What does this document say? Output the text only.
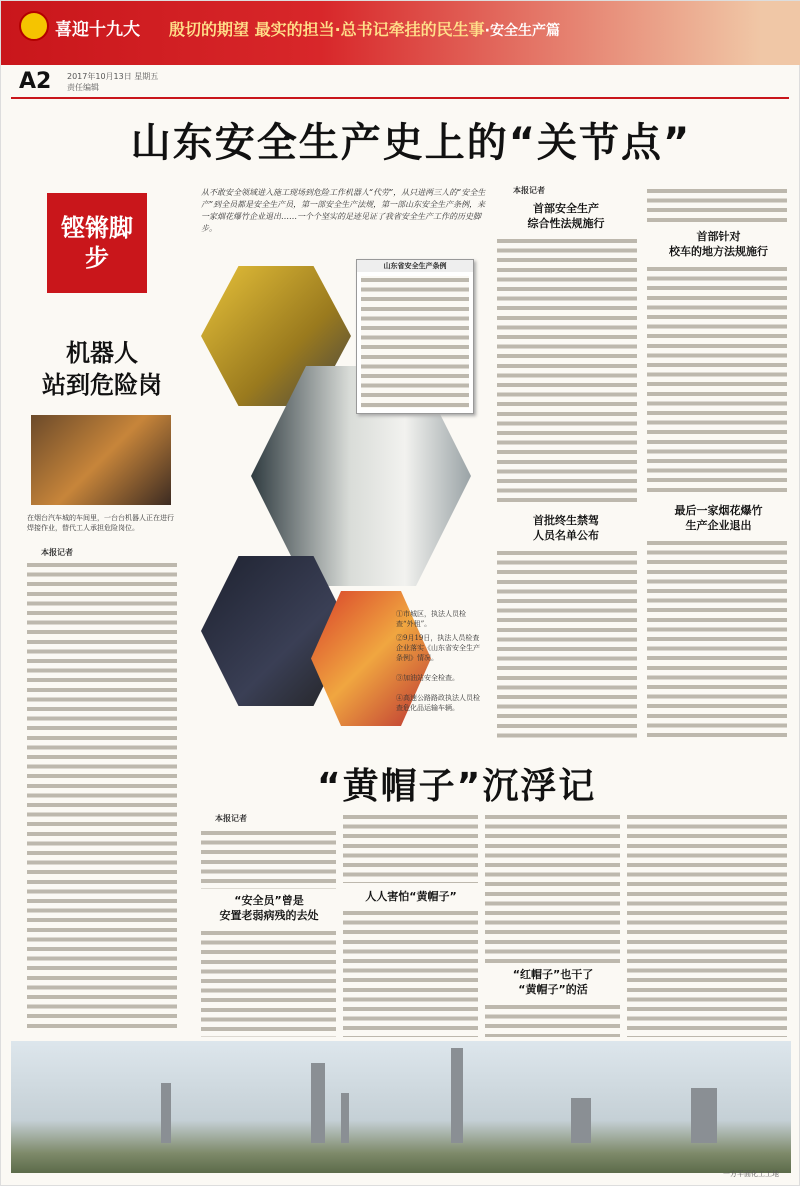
喜迎十九大 殷切的期望 最实的担当·总书记牵挂的民生事·安全生产篇
A2 2017年10月13日 星期五
责任编辑
山东安全生产史上的“关节点”
铿锵脚步
机器人
站到危险岗
在烟台汽车城的车间里，一台台机器人正在进行焊接作业，替代工人承担危险岗位。
本报记者
从不敢安全领域进入施工现场到危险工作机器人“代劳”，从只进两三人的“安全生产”到全员都是安全生产员，第一部安全生产法规，第一部山东安全生产条例，来一家烟花爆竹企业退出……一个个坚实的足迹见证了我省安全生产工作的历史脚步。
山东省安全生产条例
①市城区，执法人员检查“外租”。
②9月19日，执法人员检查企业落实《山东省安全生产条例》情况。
③加油站安全检查。
④高速公路路政执法人员检查危化品运输车辆。
本报记者
首部安全生产
综合性法规施行
首批终生禁驾
人员名单公布
首部针对
校车的地方法规施行
最后一家烟花爆竹
生产企业退出
“黄帽子”沉浮记
本报记者
“安全员”曾是
安置老弱病残的去处
人人害怕“黄帽子”
“红帽子”也干了
“黄帽子”的活
一方平面化工工地
